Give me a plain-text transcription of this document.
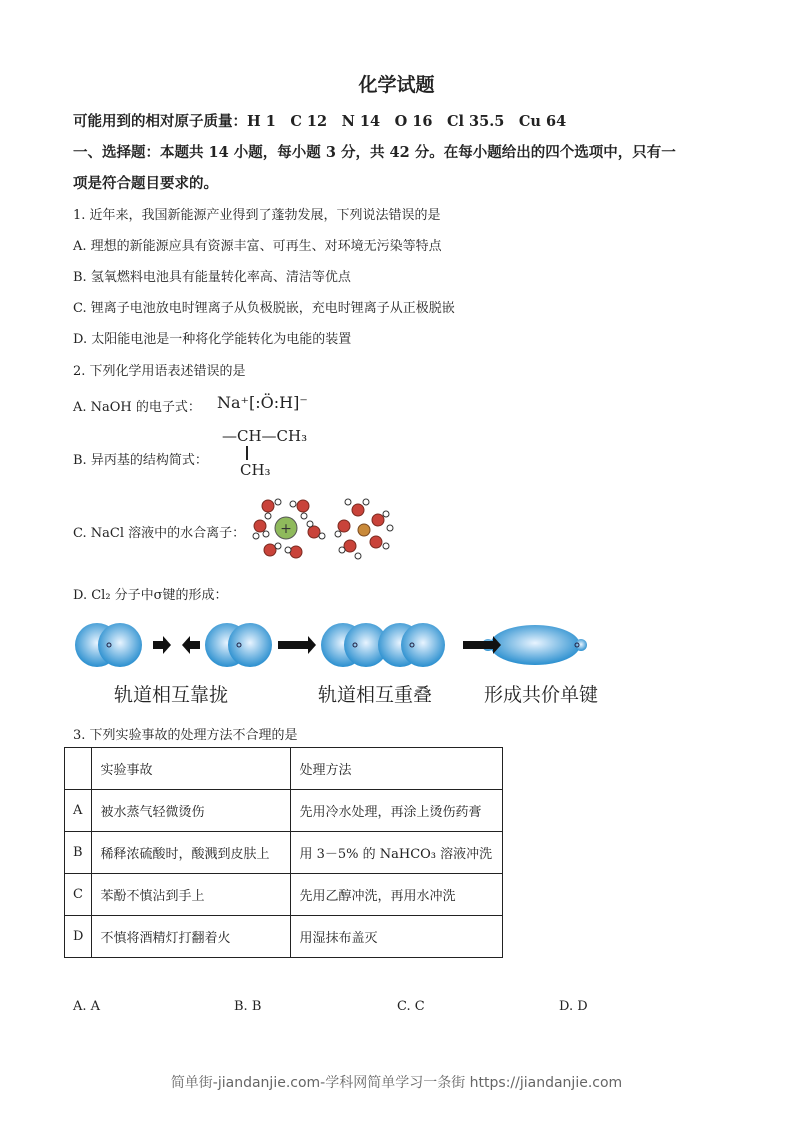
化学试题
可能用到的相对原子质量：H 1　C 12　N 14　O 16　Cl 35.5　Cu 64
一、选择题：本题共 14 小题，每小题 3 分，共 42 分。在每小题给出的四个选项中，只有一
项是符合题目要求的。
1. 近年来，我国新能源产业得到了蓬勃发展，下列说法错误的是
A. 理想的新能源应具有资源丰富、可再生、对环境无污染等特点
B. 氢氧燃料电池具有能量转化率高、清洁等优点
C. 锂离子电池放电时锂离子从负极脱嵌，充电时锂离子从正极脱嵌
D. 太阳能电池是一种将化学能转化为电能的装置
2. 下列化学用语表述错误的是
A. NaOH 的电子式： Na⁺[:Ö:H]⁻
B. 异丙基的结构简式：
—CH—CH₃
CH₃
C. NaCl 溶液中的水合离子：	+
D. Cl₂ 分子中σ键的形成：
轨道相互靠拢	轨道相互重叠	形成共价单键
3. 下列实验事故的处理方法不合理的是
	实验事故	处理方法
A	被水蒸气轻微烫伤	先用冷水处理，再涂上烫伤药膏
B	稀释浓硫酸时，酸溅到皮肤上	用 3－5% 的 NaHCO₃ 溶液冲洗
C	苯酚不慎沾到手上	先用乙醇冲洗，再用水冲洗
D	不慎将酒精灯打翻着火	用湿抹布盖灭
A. A	B. B	C. C	D. D
简单街-jiandanjie.com-学科网简单学习一条街 https://jiandanjie.com
